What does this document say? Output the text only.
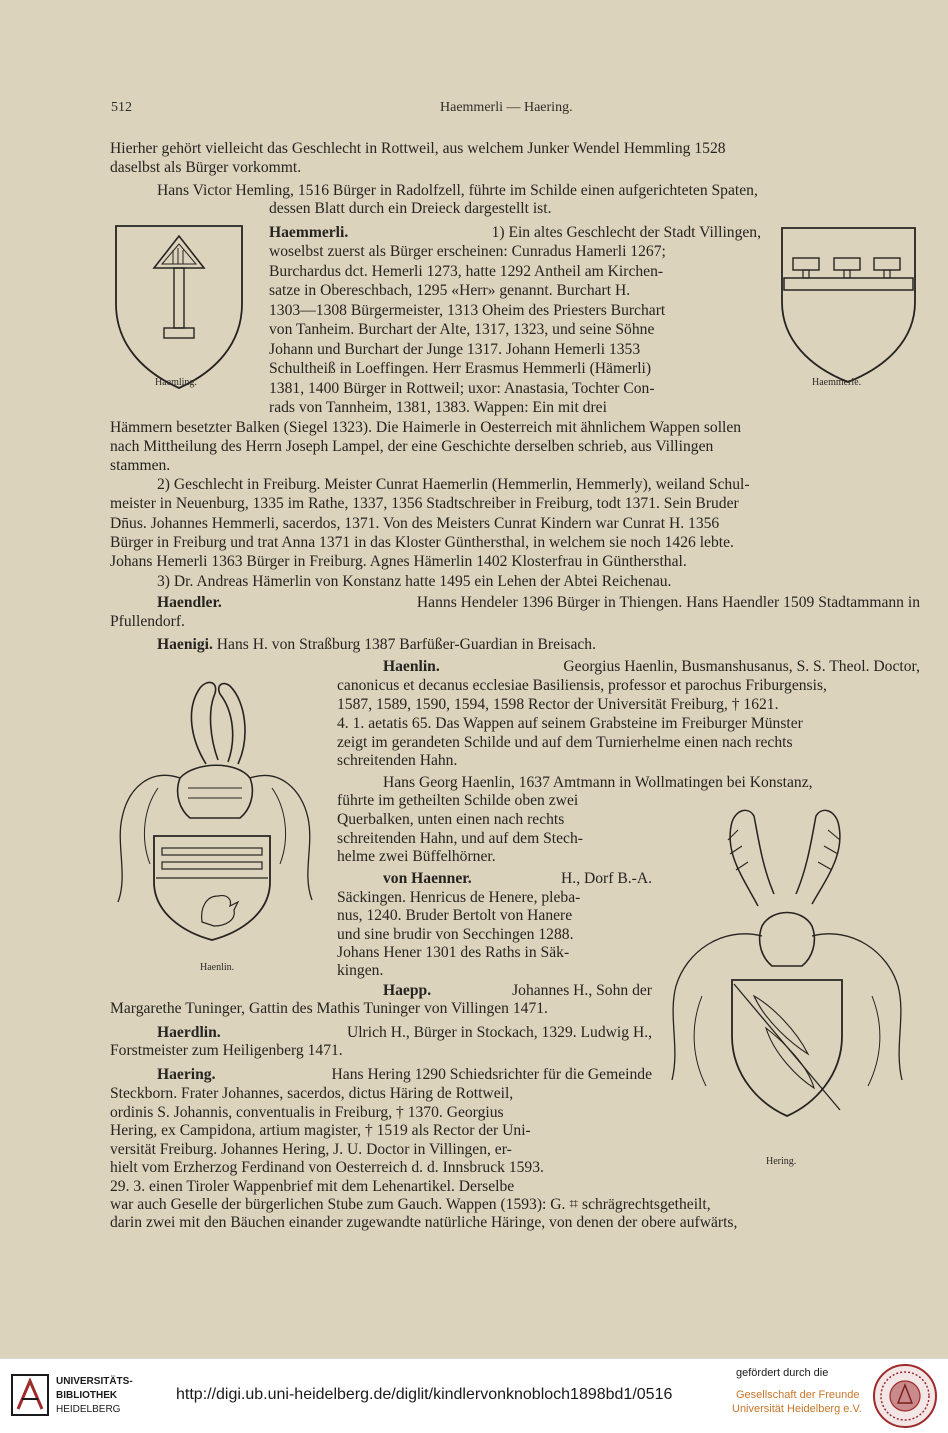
512	Haemmerli — Haering.
Haemling.	Haemmerle.
Haenlin.
Hering.
Hierher gehört vielleicht das Geschlecht in Rottweil, aus welchem Junker Wendel Hemmling 1528
daselbst als Bürger vorkommt.
Hans Victor Hemling, 1516 Bürger in Radolfzell, führte im Schilde einen aufgerichteten Spaten,
dessen Blatt durch ein Dreieck dargestellt ist.
Haemmerli.	1) Ein altes Geschlecht der Stadt Villingen,
woselbst zuerst als Bürger erscheinen: Cunradus Hamerli 1267;
Burchardus dct. Hemerli 1273, hatte 1292 Antheil am Kirchen-
satze in Obereschbach, 1295 «Herr» genannt. Burchart H.
1303—1308 Bürgermeister, 1313 Oheim des Priesters Burchart
von Tanheim. Burchart der Alte, 1317, 1323, und seine Söhne
Johann und Burchart der Junge 1317. Johann Hemerli 1353
Schultheiß in Loeffingen. Herr Erasmus Hemmerli (Hämerli)
1381, 1400 Bürger in Rottweil; uxor: Anastasia, Tochter Con-
rads von Tannheim, 1381, 1383. Wappen: Ein mit drei
Hämmern besetzter Balken (Siegel 1323). Die Haimerle in Oesterreich mit ähnlichem Wappen sollen
nach Mittheilung des Herrn Joseph Lampel, der eine Geschichte derselben schrieb, aus Villingen
stammen.
2) Geschlecht in Freiburg. Meister Cunrat Haemerlin (Hemmerlin, Hemmerly), weiland Schul-
meister in Neuenburg, 1335 im Rathe, 1337, 1356 Stadtschreiber in Freiburg, todt 1371. Sein Bruder
Dn̄us. Johannes Hemmerli, sacerdos, 1371. Von des Meisters Cunrat Kindern war Cunrat H. 1356
Bürger in Freiburg und trat Anna 1371 in das Kloster Günthersthal, in welchem sie noch 1426 lebte.
Johans Hemerli 1363 Bürger in Freiburg. Agnes Hämerlin 1402 Klosterfrau in Günthersthal.
3) Dr. Andreas Hämerlin von Konstanz hatte 1495 ein Lehen der Abtei Reichenau.
Haendler.	Hanns Hendeler 1396 Bürger in Thiengen. Hans Haendler 1509 Stadtammann in
Pfullendorf.
Haenigi. Hans H. von Straßburg 1387 Barfüßer-Guardian in Breisach.
Haenlin.	Georgius Haenlin, Busmanshusanus, S. S. Theol. Doctor,
canonicus et decanus ecclesiae Basiliensis, professor et parochus Friburgensis,
1587, 1589, 1590, 1594, 1598 Rector der Universität Freiburg, † 1621.
4. 1. aetatis 65. Das Wappen auf seinem Grabsteine im Freiburger Münster
zeigt im gerandeten Schilde und auf dem Turnierhelme einen nach rechts
schreitenden Hahn.
Hans Georg Haenlin, 1637 Amtmann in Wollmatingen bei Konstanz,
führte im getheilten Schilde oben zwei
Querbalken, unten einen nach rechts
schreitenden Hahn, und auf dem Stech-
helme zwei Büffelhörner.
von Haenner.	H., Dorf B.-A.
Säckingen. Henricus de Henere, pleba-
nus, 1240. Bruder Bertolt von Hanere
und sine brudir von Secchingen 1288.
Johans Hener 1301 des Raths in Säk-
kingen.
Haepp.	Johannes H., Sohn der
Margarethe Tuninger, Gattin des Mathis Tuninger von Villingen 1471.
Haerdlin.	Ulrich H., Bürger in Stockach, 1329. Ludwig H.,
Forstmeister zum Heiligenberg 1471.
Haering.	Hans Hering 1290 Schiedsrichter für die Gemeinde
Steckborn. Frater Johannes, sacerdos, dictus Häring de Rottweil,
ordinis S. Johannis, conventualis in Freiburg, † 1370. Georgius
Hering, ex Campidona, artium magister, † 1519 als Rector der Uni-
versität Freiburg. Johannes Hering, J. U. Doctor in Villingen, er-
hielt vom Erzherzog Ferdinand von Oesterreich d. d. Innsbruck 1593.
29. 3. einen Tiroler Wappenbrief mit dem Lehenartikel. Derselbe
war auch Geselle der bürgerlichen Stube zum Gauch. Wappen (1593): G. ⌗ schrägrechtsgetheilt,
darin zwei mit den Bäuchen einander zugewandte natürliche Häringe, von denen der obere aufwärts,
UNIVERSITÄTS-
BIBLIOTHEK
HEIDELBERG
http://digi.ub.uni-heidelberg.de/diglit/kindlervonknobloch1898bd1/0516
gefördert durch die
Gesellschaft der Freunde
Universität Heidelberg e.V.
